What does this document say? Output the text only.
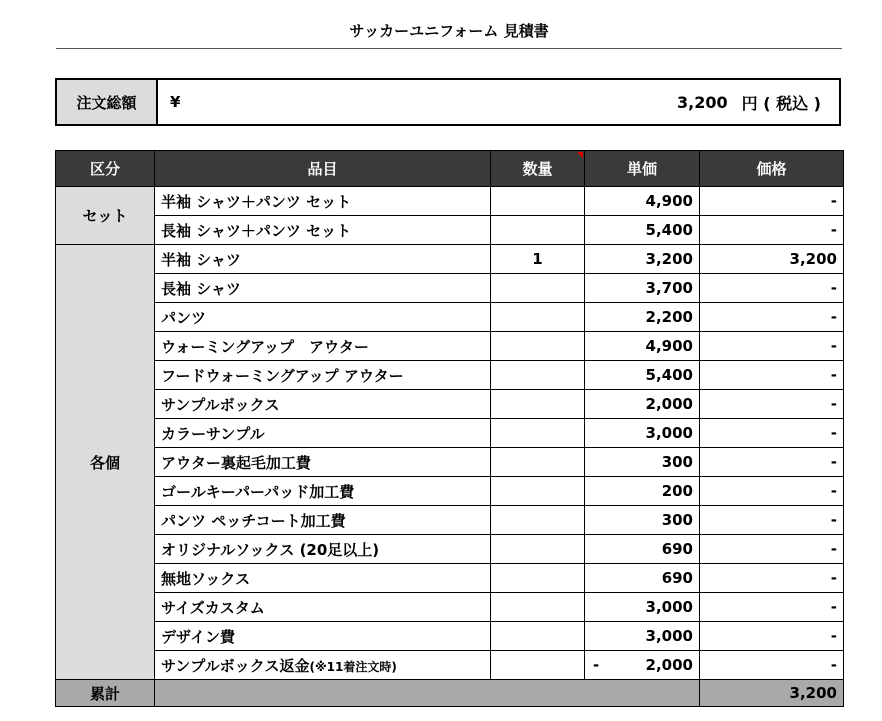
サッカーユニフォーム 見積書
注文総額	¥	3,200 円 ( 税込 )
区分	品目	数量	単価	価格
セット	半袖 シャツ＋パンツ セット		4,900	-
	長袖 シャツ＋パンツ セット		5,400	-
各個	半袖 シャツ	1	3,200	3,200
	長袖 シャツ		3,700	-
	パンツ		2,200	-
	ウォーミングアップ　アウター		4,900	-
	フードウォーミングアップ アウター		5,400	-
	サンプルボックス		2,000	-
	カラーサンプル		3,000	-
	アウター裏起毛加工費		300	-
	ゴールキーパーパッド加工費		200	-
	パンツ ペッチコート加工費		300	-
	オリジナルソックス (20足以上)		690	-
	無地ソックス		690	-
	サイズカスタム		3,000	-
	デザイン費		3,000	-
	サンプルボックス返金(※11着注文時)		- 2,000	-
累計				3,200
